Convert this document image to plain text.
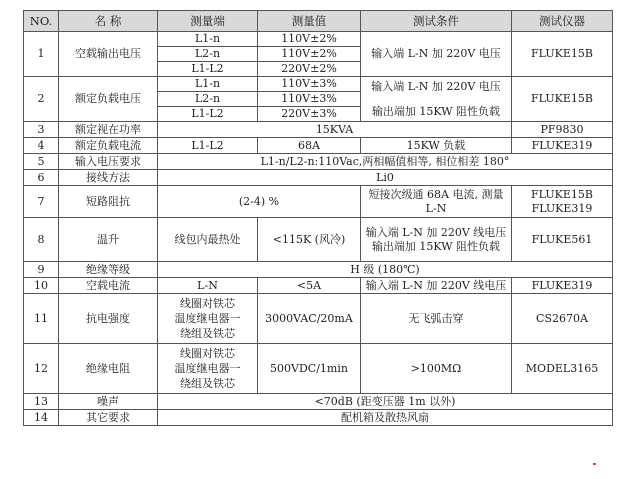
NO.	名 称	测量端	测量值	测试条件	测试仪器
1	空载输出电压	L1-n	110V±2%	输入端 L-N 加 220V 电压	FLUKE15B
		L2-n	110V±2%		
		L1-L2	220V±2%		
2	额定负载电压	L1-n	110V±3%	输入端 L-N 加 220V 电压
输出端加 15KW 阻性负载	FLUKE15B
		L2-n	110V±3%		
		L1-L2	220V±3%		
3	额定视在功率	15KVA			PF9830
4	额定负载电流	L1-L2	68A	15KW 负载	FLUKE319
5	输入电压要求	L1-n/L2-n:110Vac,两相幅值相等, 相位相差 180°			
6	接线方法	Li0			
7	短路阻抗	(2-4) %		短接次级通 68A 电流, 测量 L-N	FLUKE15B
FLUKE319

8	温升	线包内最热处	<115K (风冷)	输入端 L-N 加 220V 线电压
输出端加 15KW 阻性负载	FLUKE561
9	绝缘等级	H 级 (180℃)			
10	空载电流	L-N	<5A	输入端 L-N 加 220V 线电压	FLUKE319
11	抗电强度	线圈对铁芯
温度继电器一
绕组及铁芯	3000VAC/20mA	无飞弧击穿	CS2670A
12	绝缘电阻	线圈对铁芯
温度继电器一
绕组及铁芯	500VDC/1min	>100MΩ	MODEL3165
13	噪声	<70dB (距变压器 1m 以外)			
14	其它要求	配机箱及散热风扇			
